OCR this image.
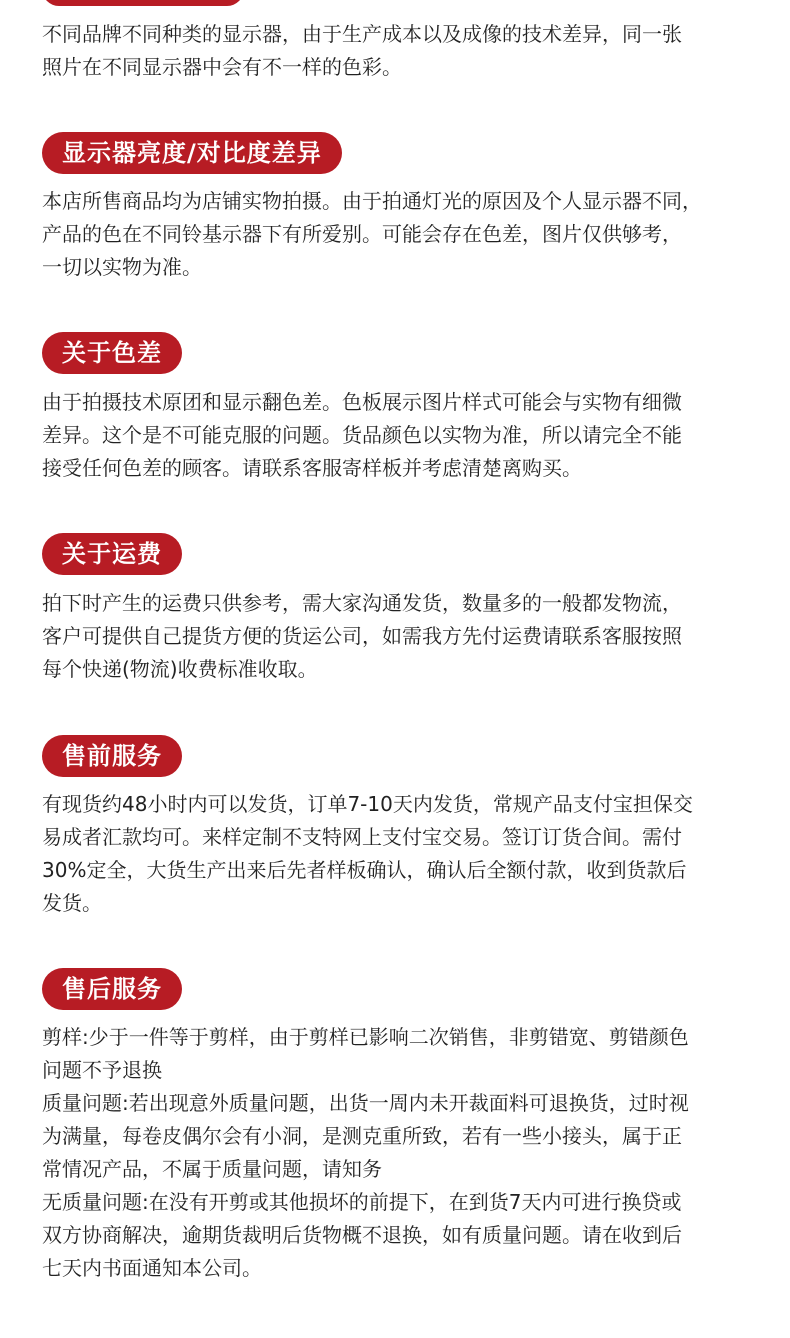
不同品牌不同种类的显示器，由于生产成本以及成像的技术差异，同一张
照片在不同显示器中会有不一样的色彩。

显示器亮度/对比度差异

本店所售商品均为店铺实物拍摄。由于拍通灯光的原因及个人显示器不同，
产品的色在不同铃基示器下有所爱别。可能会存在色差，图片仅供够考，
一切以实物为准。

关于色差

由于拍摄技术原团和显示翻色差。色板展示图片样式可能会与实物有细微
差异。这个是不可能克服的问题。货品颜色以实物为准，所以请完全不能
接受任何色差的顾客。请联系客服寄样板并考虑清楚离购买。

关于运费

拍下时产生的运费只供参考，需大家沟通发货，数量多的一般都发物流，
客户可提供自己提货方便的货运公司，如需我方先付运费请联系客服按照
每个快递(物流)收费标准收取。

售前服务

有现货约48小时内可以发货，订单7-10天内发货，常规产品支付宝担保交
易成者汇款均可。来样定制不支特网上支付宝交易。签订订货合间。需付
30%定全，大货生产出来后先者样板确认，确认后全额付款，收到货款后
发货。

售后服务

剪样:少于一件等于剪样，由于剪样已影响二次销售，非剪错宽、剪错颜色
问题不予退换
质量问题:若出现意外质量问题，出货一周内未开裁面料可退换货，过时视
为满量，每卷皮偶尔会有小洞，是测克重所致，若有一些小接头，属于正
常情况产品，不属于质量问题，请知务
无质量问题:在没有开剪或其他损坏的前提下，在到货7天内可进行换贷或
双方协商解决，逾期货裁明后货物概不退换，如有质量问题。请在收到后
七天内书面通知本公司。
